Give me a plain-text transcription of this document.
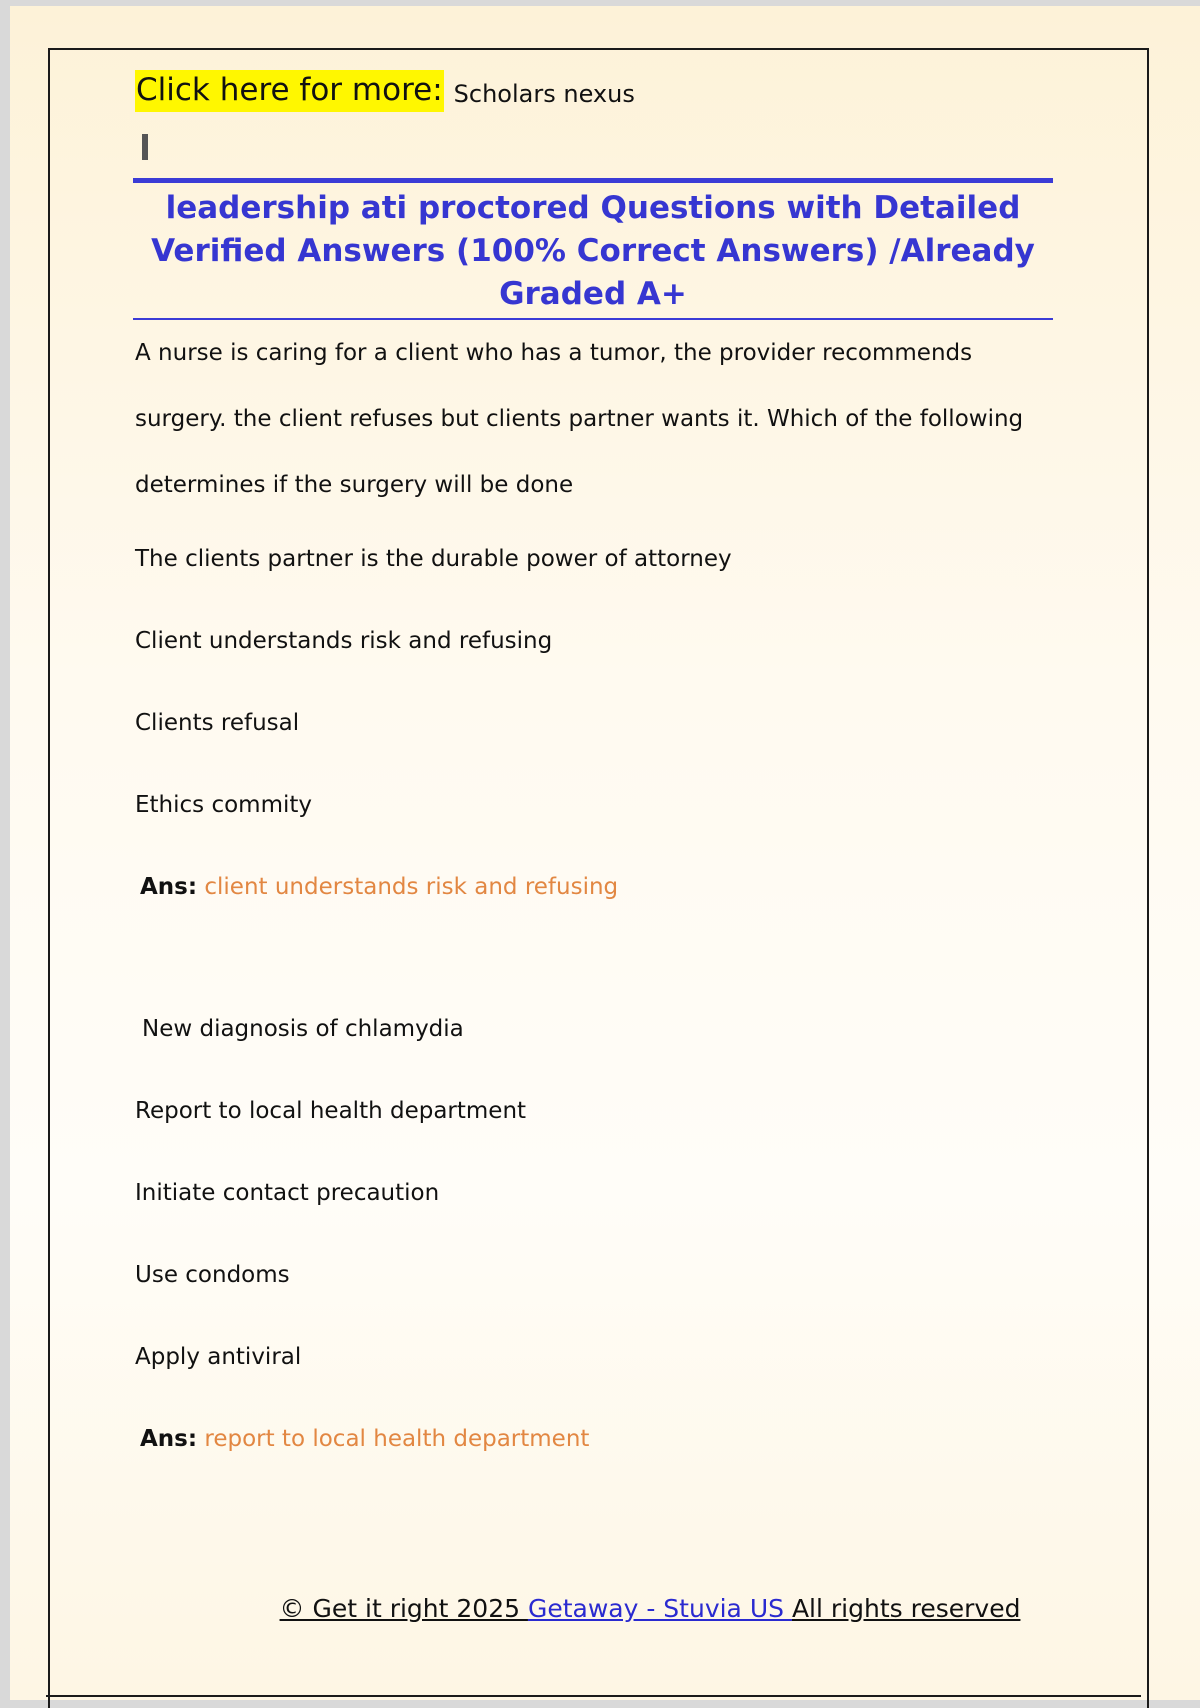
Click here for more: Scholars nexus

leadership ati proctored Questions with Detailed

Verified Answers (100% Correct Answers) /Already

Graded A+

A nurse is caring for a client who has a tumor, the provider recommends

surgery. the client refuses but clients partner wants it. Which of the following

determines if the surgery will be done

The clients partner is the durable power of attorney

Client understands risk and refusing

Clients refusal

Ethics commity

Ans: client understands risk and refusing

New diagnosis of chlamydia

Report to local health department

Initiate contact precaution

Use condoms

Apply antiviral

Ans: report to local health department

© Get it right 2025 Getaway - Stuvia US All rights reserved
